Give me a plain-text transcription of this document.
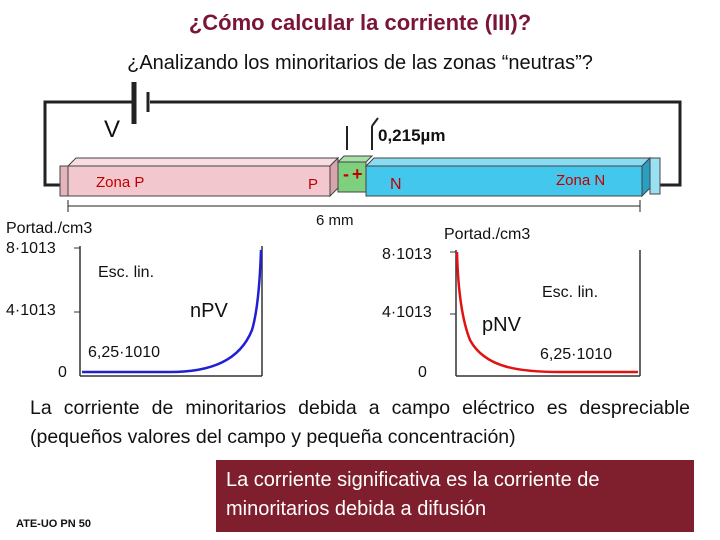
¿Cómo calcular la corriente (III)?
¿Analizando los minoritarios de las zonas “neutras”?
V	0,215µm
Zona P	P
- +
N	Zona N
6 mm
Portad./cm3
8·1013
4·1013
0
Esc. lin.
nPV
6,25·1010
Portad./cm3
8·1013
4·1013
0
Esc. lin.
pNV
6,25·1010
La corriente de minoritarios debida a campo eléctrico es despreciable (pequeños valores del campo y pequeña concentración)
La corriente significativa es la corriente de minoritarios debida a difusión
ATE-UO PN 50
